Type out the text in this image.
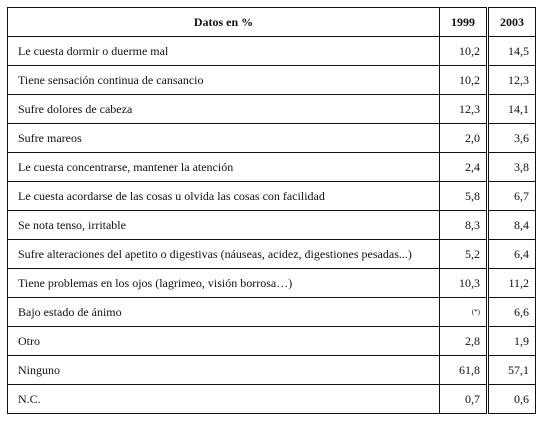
Datos en %	1999	2003
Le cuesta dormir o duerme mal	10,2	14,5
Tiene sensación continua de cansancio	10,2	12,3
Sufre dolores de cabeza	12,3	14,1
Sufre mareos	2,0	3,6
Le cuesta concentrarse, mantener la atención	2,4	3,8
Le cuesta acordarse de las cosas u olvida las cosas con facilidad	5,8	6,7
Se nota tenso, irritable	8,3	8,4
Sufre alteraciones del apetito o digestivas (náuseas, acidez, digestiones pesadas...)	5,2	6,4
Tiene problemas en los ojos (lagrimeo, visión borrosa…)	10,3	11,2
Bajo estado de ánimo	(*)	6,6
Otro	2,8	1,9
Ninguno	61,8	57,1
N.C.	0,7	0,6
